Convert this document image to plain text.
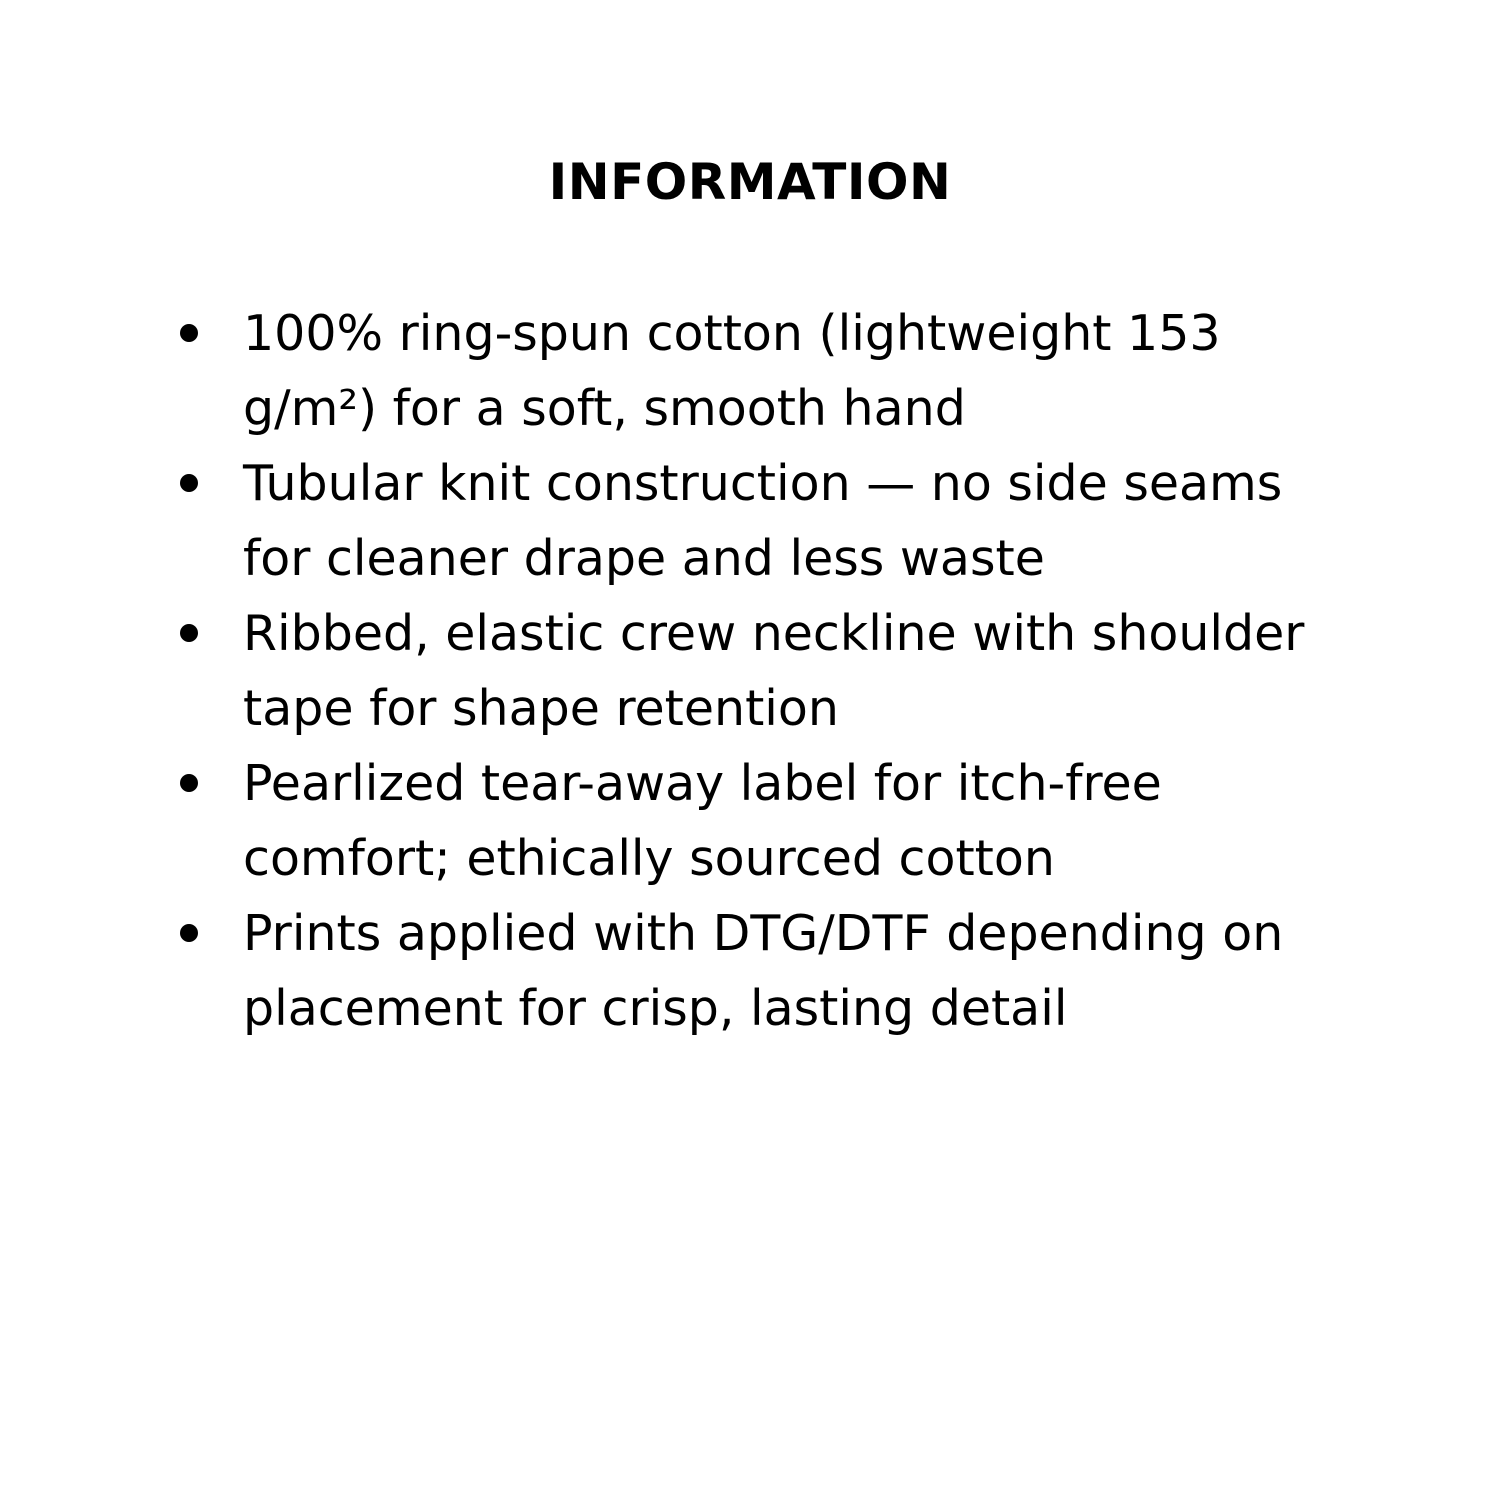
INFORMATION
100% ring-spun cotton (lightweight 153 g/m²) for a soft, smooth hand
Tubular knit construction — no side seams for cleaner drape and less waste
Ribbed, elastic crew neckline with shoulder tape for shape retention
Pearlized tear-away label for itch-free comfort; ethically sourced cotton
Prints applied with DTG/DTF depending on placement for crisp, lasting detail
